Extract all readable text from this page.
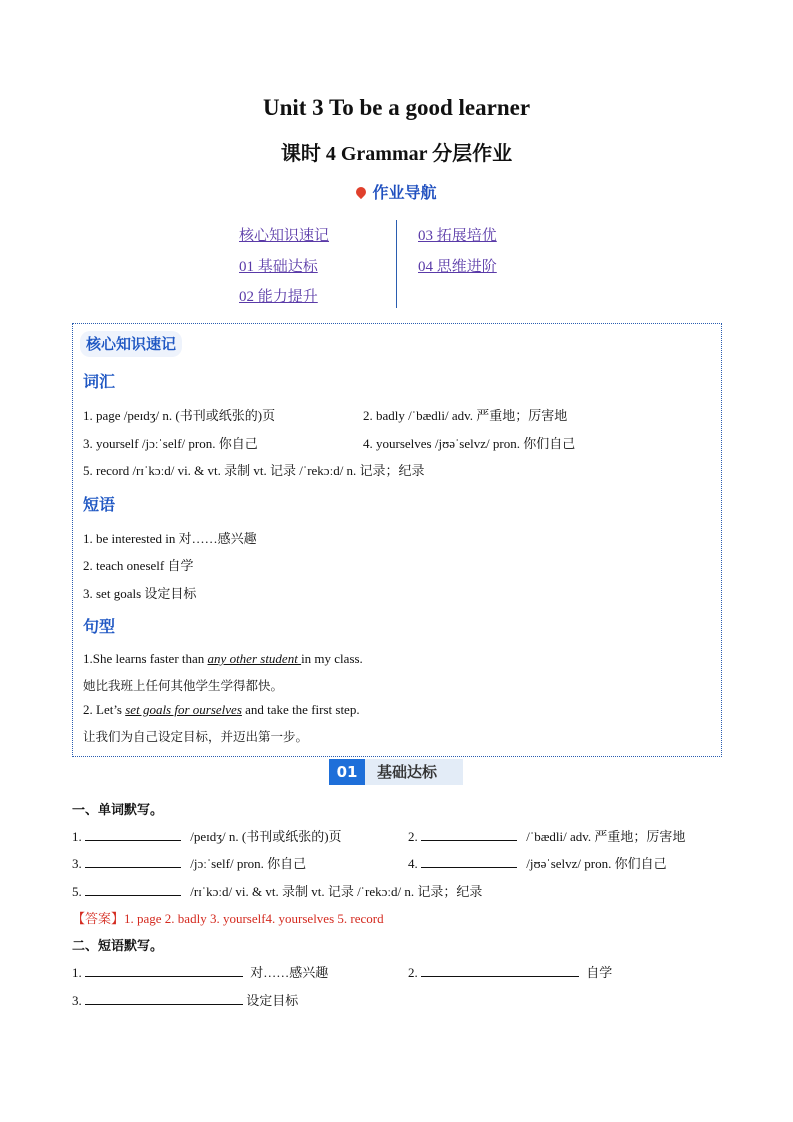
Unit 3 To be a good learner
课时 4 Grammar 分层作业
作业导航
核心知识速记
01 基础达标
02 能力提升
03 拓展培优
04 思维进阶
核心知识速记
词汇
1. page /peɪdʒ/ n. (书刊或纸张的)页	2. badly /ˈbædli/ adv. 严重地；厉害地
3. yourself /jɔːˈself/ pron. 你自己	4. yourselves /jʊəˈselvz/ pron. 你们自己
5. record /rɪˈkɔːd/ vi. & vt. 录制 vt. 记录 /ˈrekɔːd/ n. 记录；纪录
短语
1. be interested in 对……感兴趣
2. teach oneself 自学
3. set goals 设定目标
句型
1.She learns faster than any other student in my class.
她比我班上任何其他学生学得都快。
2. Let’s set goals for ourselves and take the first step.
让我们为自己设定目标，并迈出第一步。
01	基础达标
一、单词默写。
1.	/peɪdʒ/ n. (书刊或纸张的)页	2.	/ˈbædli/ adv. 严重地；厉害地
3.	/jɔːˈself/ pron. 你自己	4.	/jʊəˈselvz/ pron. 你们自己
5.	/rɪˈkɔːd/ vi. & vt. 录制 vt. 记录 /ˈrekɔːd/ n. 记录；纪录
【答案】1. page 2. badly 3. yourself4. yourselves 5. record
二、短语默写。
1.	对……感兴趣	2.	自学
3.	设定目标
